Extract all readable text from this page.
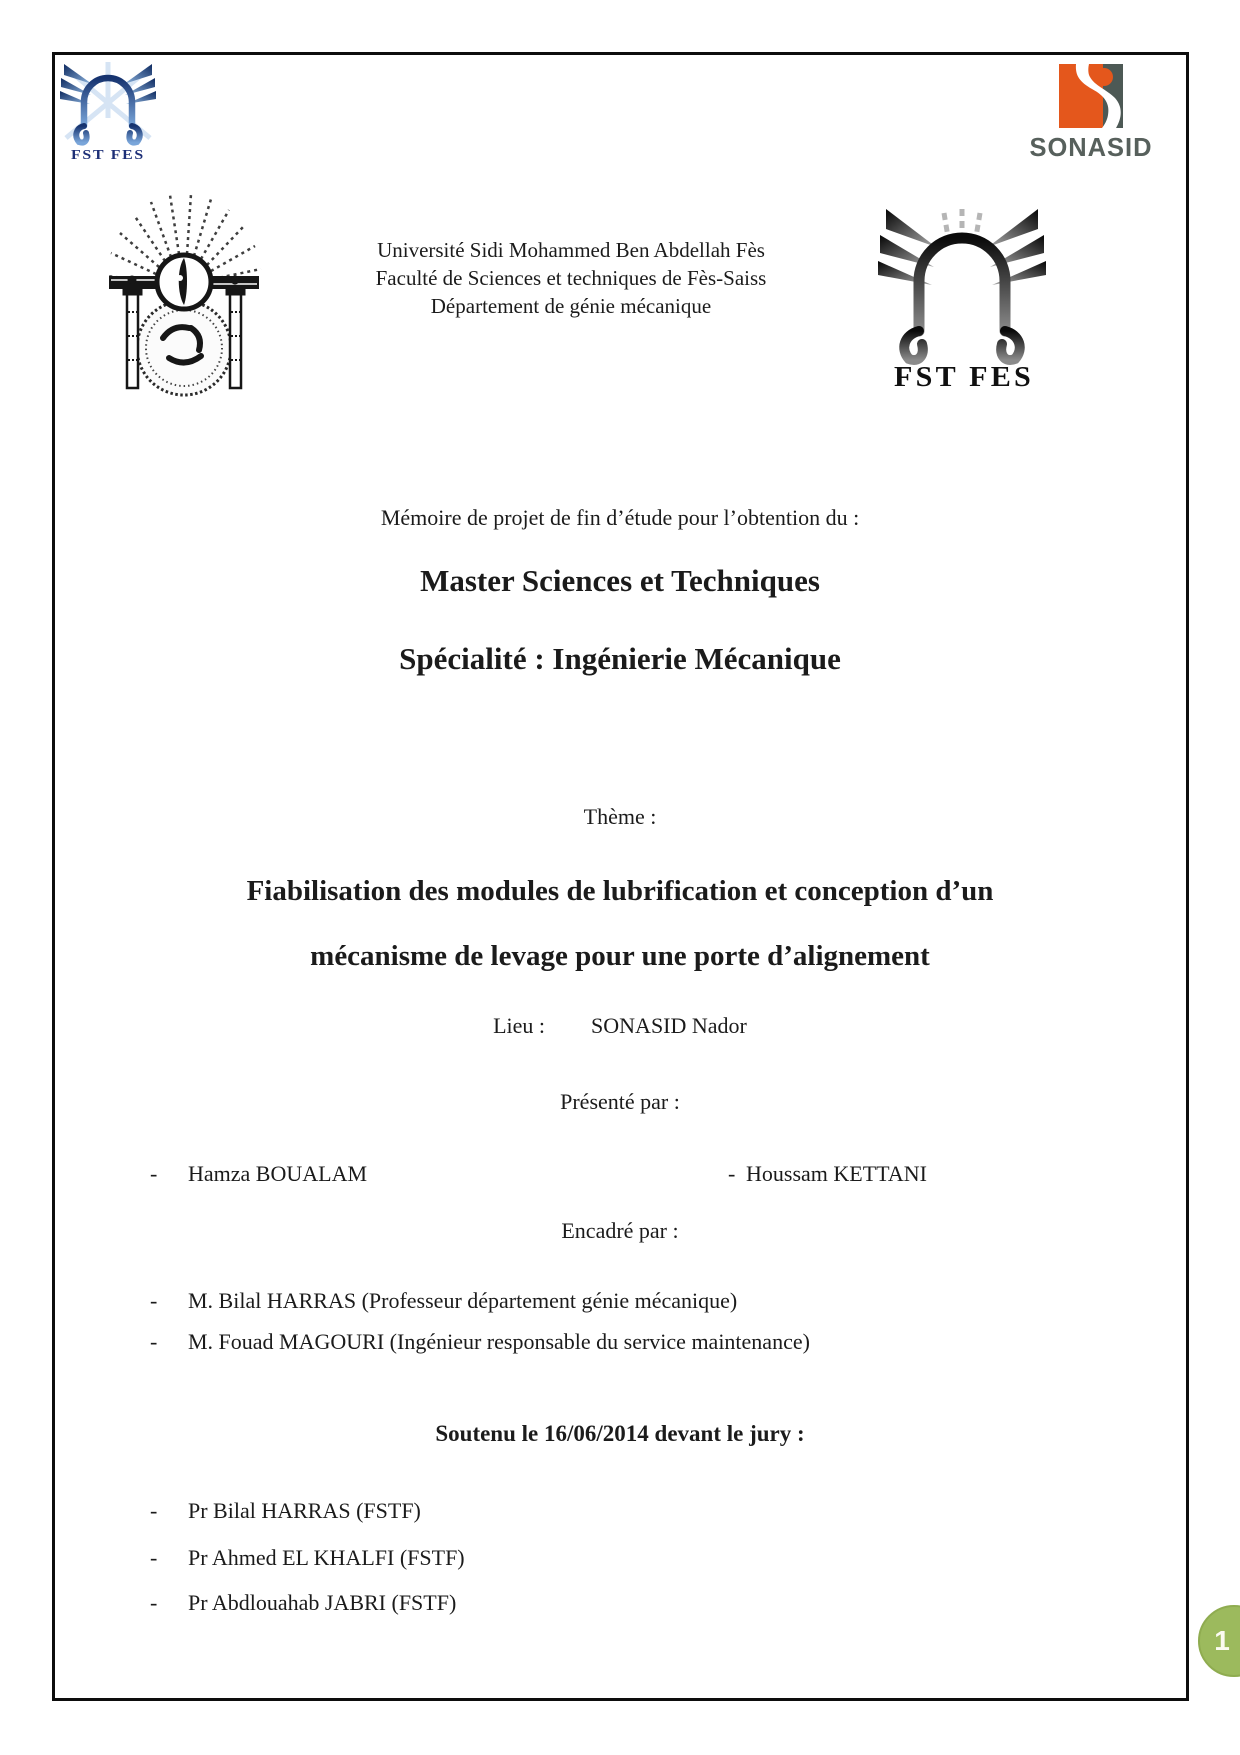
FST FES	SONASID
FST FES
Université Sidi Mohammed Ben Abdellah Fès
Faculté de Sciences et techniques de Fès-Saiss
Département de génie mécanique
Mémoire de projet de fin d’étude pour l’obtention du :
Master Sciences et Techniques
Spécialité : Ingénierie Mécanique
Thème :
Fiabilisation des modules de lubrification et conception d’un
mécanisme de levage pour une porte d’alignement
Lieu : SONASID Nador
Présenté par :
-	Hamza BOUALAM	- Houssam KETTANI
Encadré par :
-	M. Bilal HARRAS (Professeur département génie mécanique)
-	M. Fouad MAGOURI (Ingénieur responsable du service maintenance)
Soutenu le 16/06/2014 devant le jury :
-	Pr Bilal HARRAS (FSTF)
-	Pr Ahmed EL KHALFI (FSTF)
-	Pr Abdlouahab JABRI (FSTF)
1
